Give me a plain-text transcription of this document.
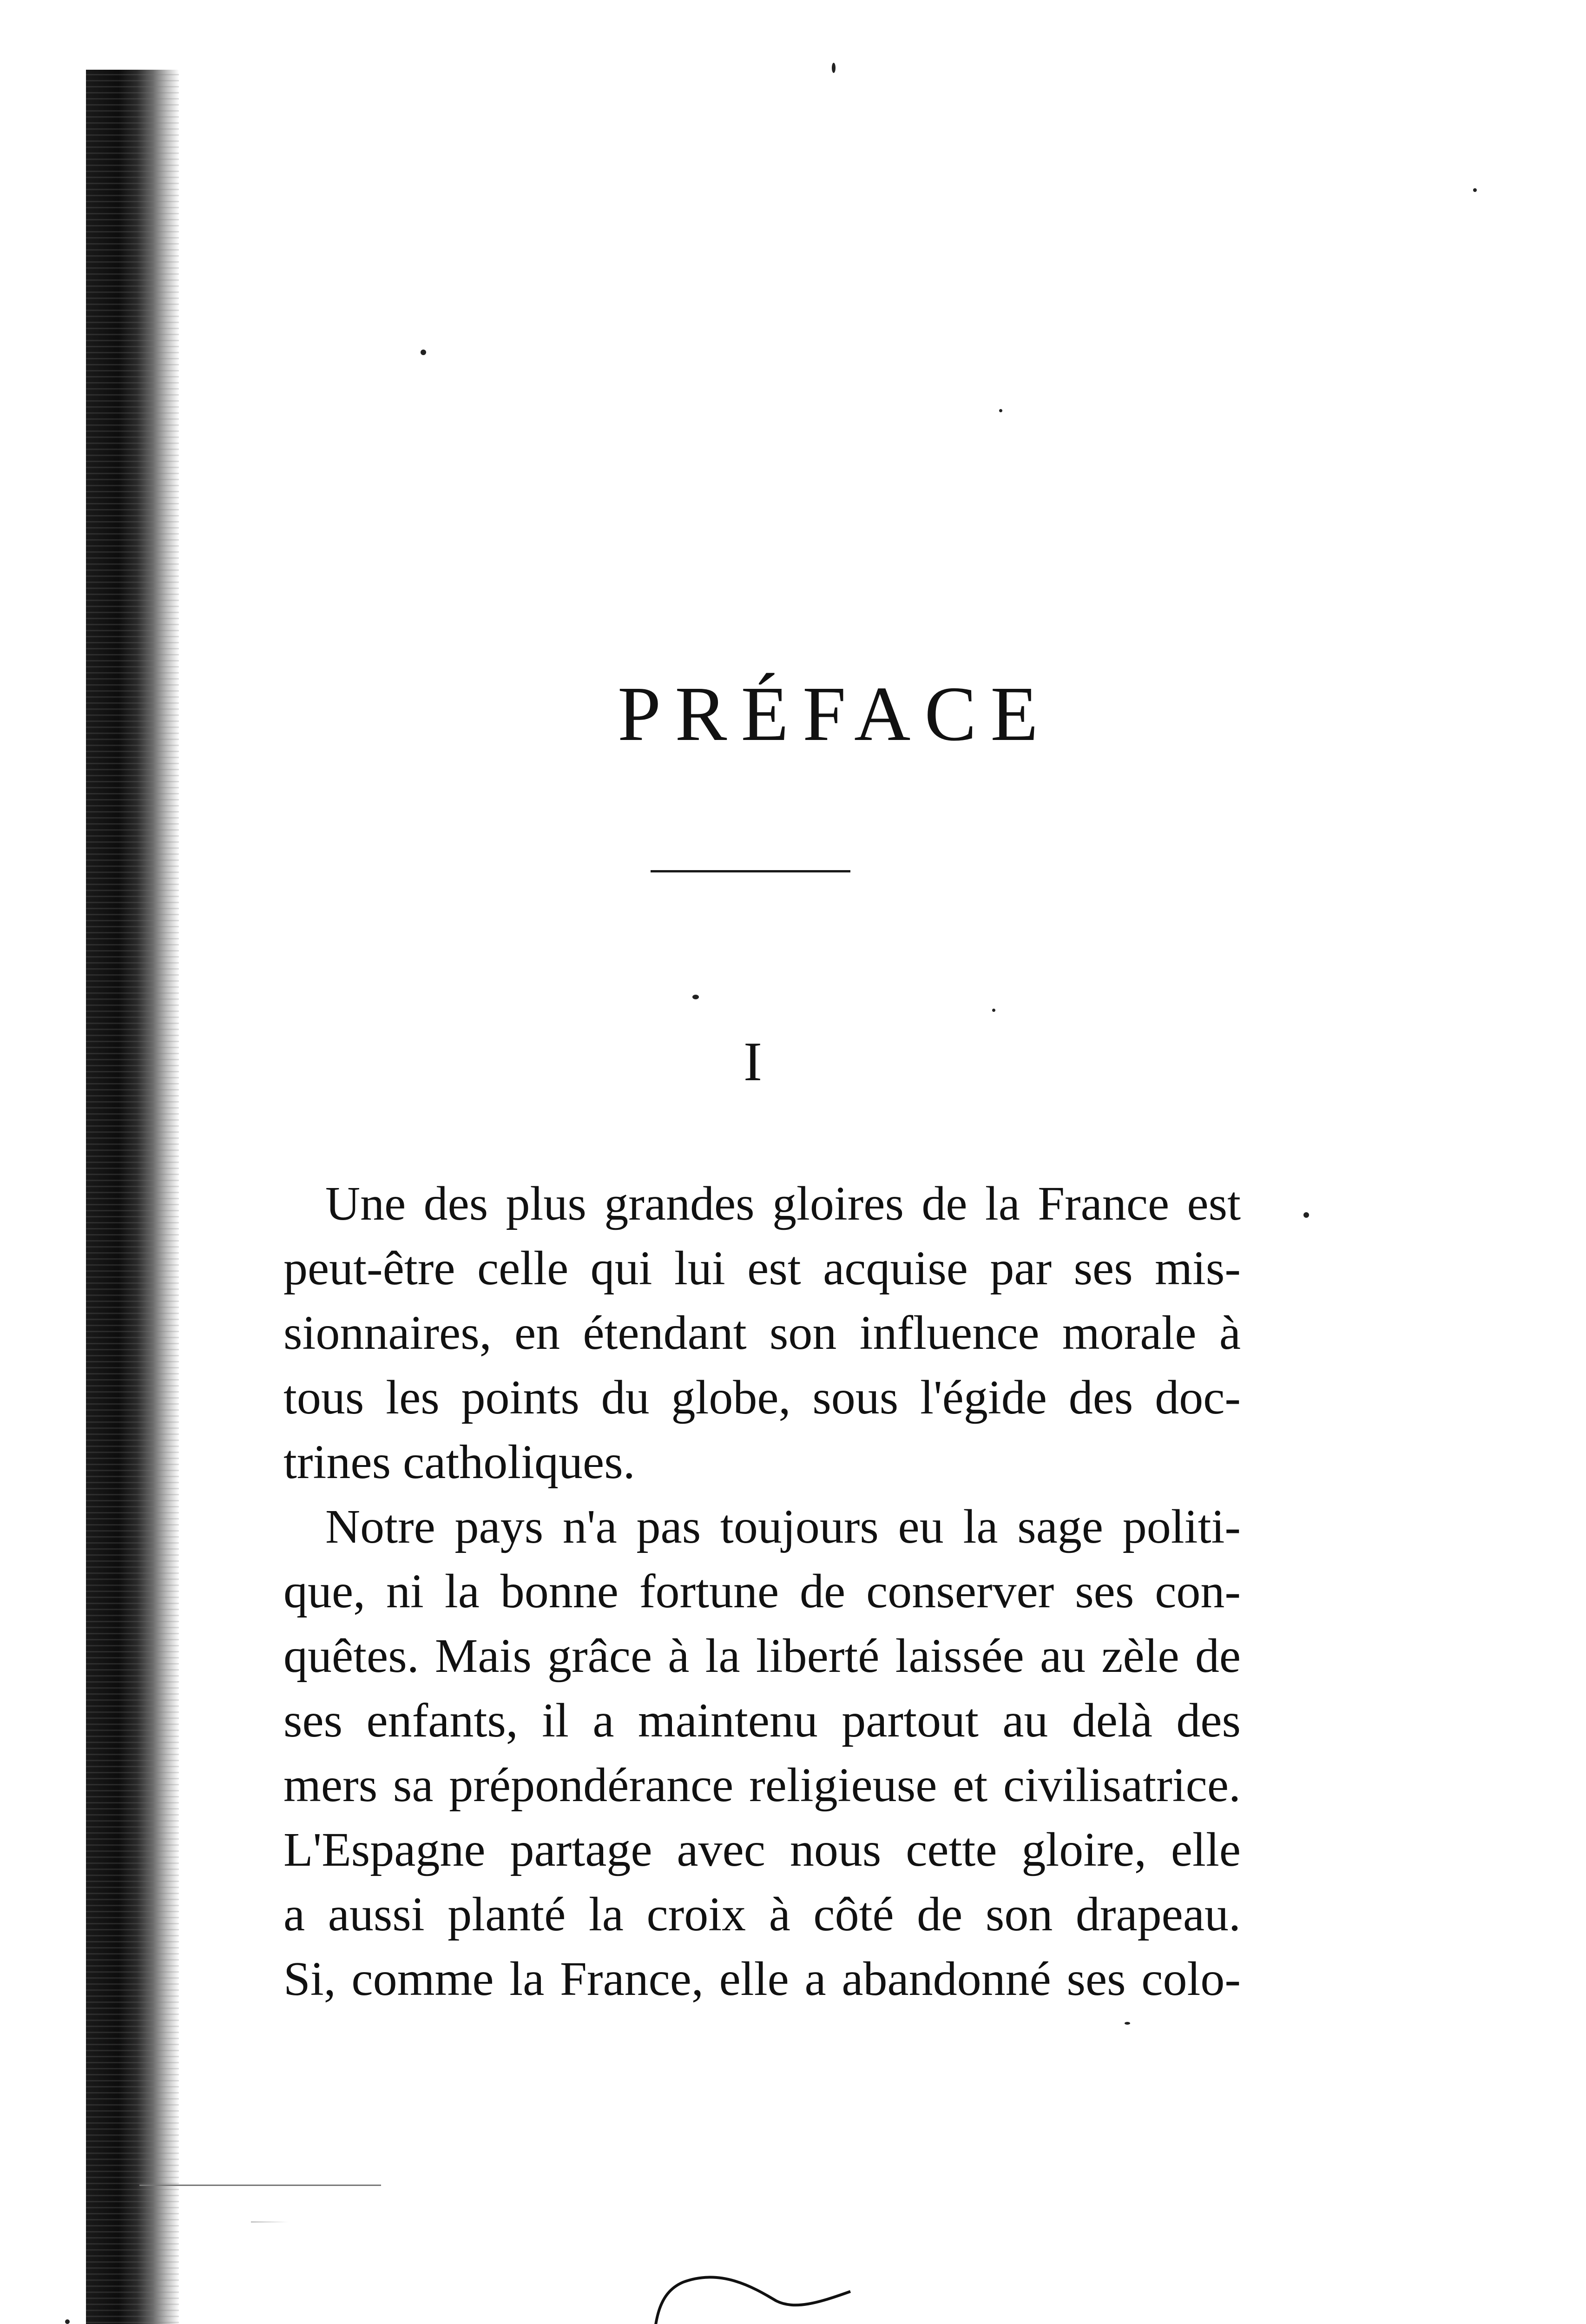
PRÉFACE
I
Une des plus grandes gloires de la France est
peut-être celle qui lui est acquise par ses mis-
sionnaires, en étendant son influence morale à
tous les points du globe, sous l'égide des doc-
trines catholiques.
Notre pays n'a pas toujours eu la sage politi-
que, ni la bonne fortune de conserver ses con-
quêtes. Mais grâce à la liberté laissée au zèle de
ses enfants, il a maintenu partout au delà des
mers sa prépondérance religieuse et civilisatrice.
L'Espagne partage avec nous cette gloire, elle
a aussi planté la croix à côté de son drapeau.
Si, comme la France, elle a abandonné ses colo-
